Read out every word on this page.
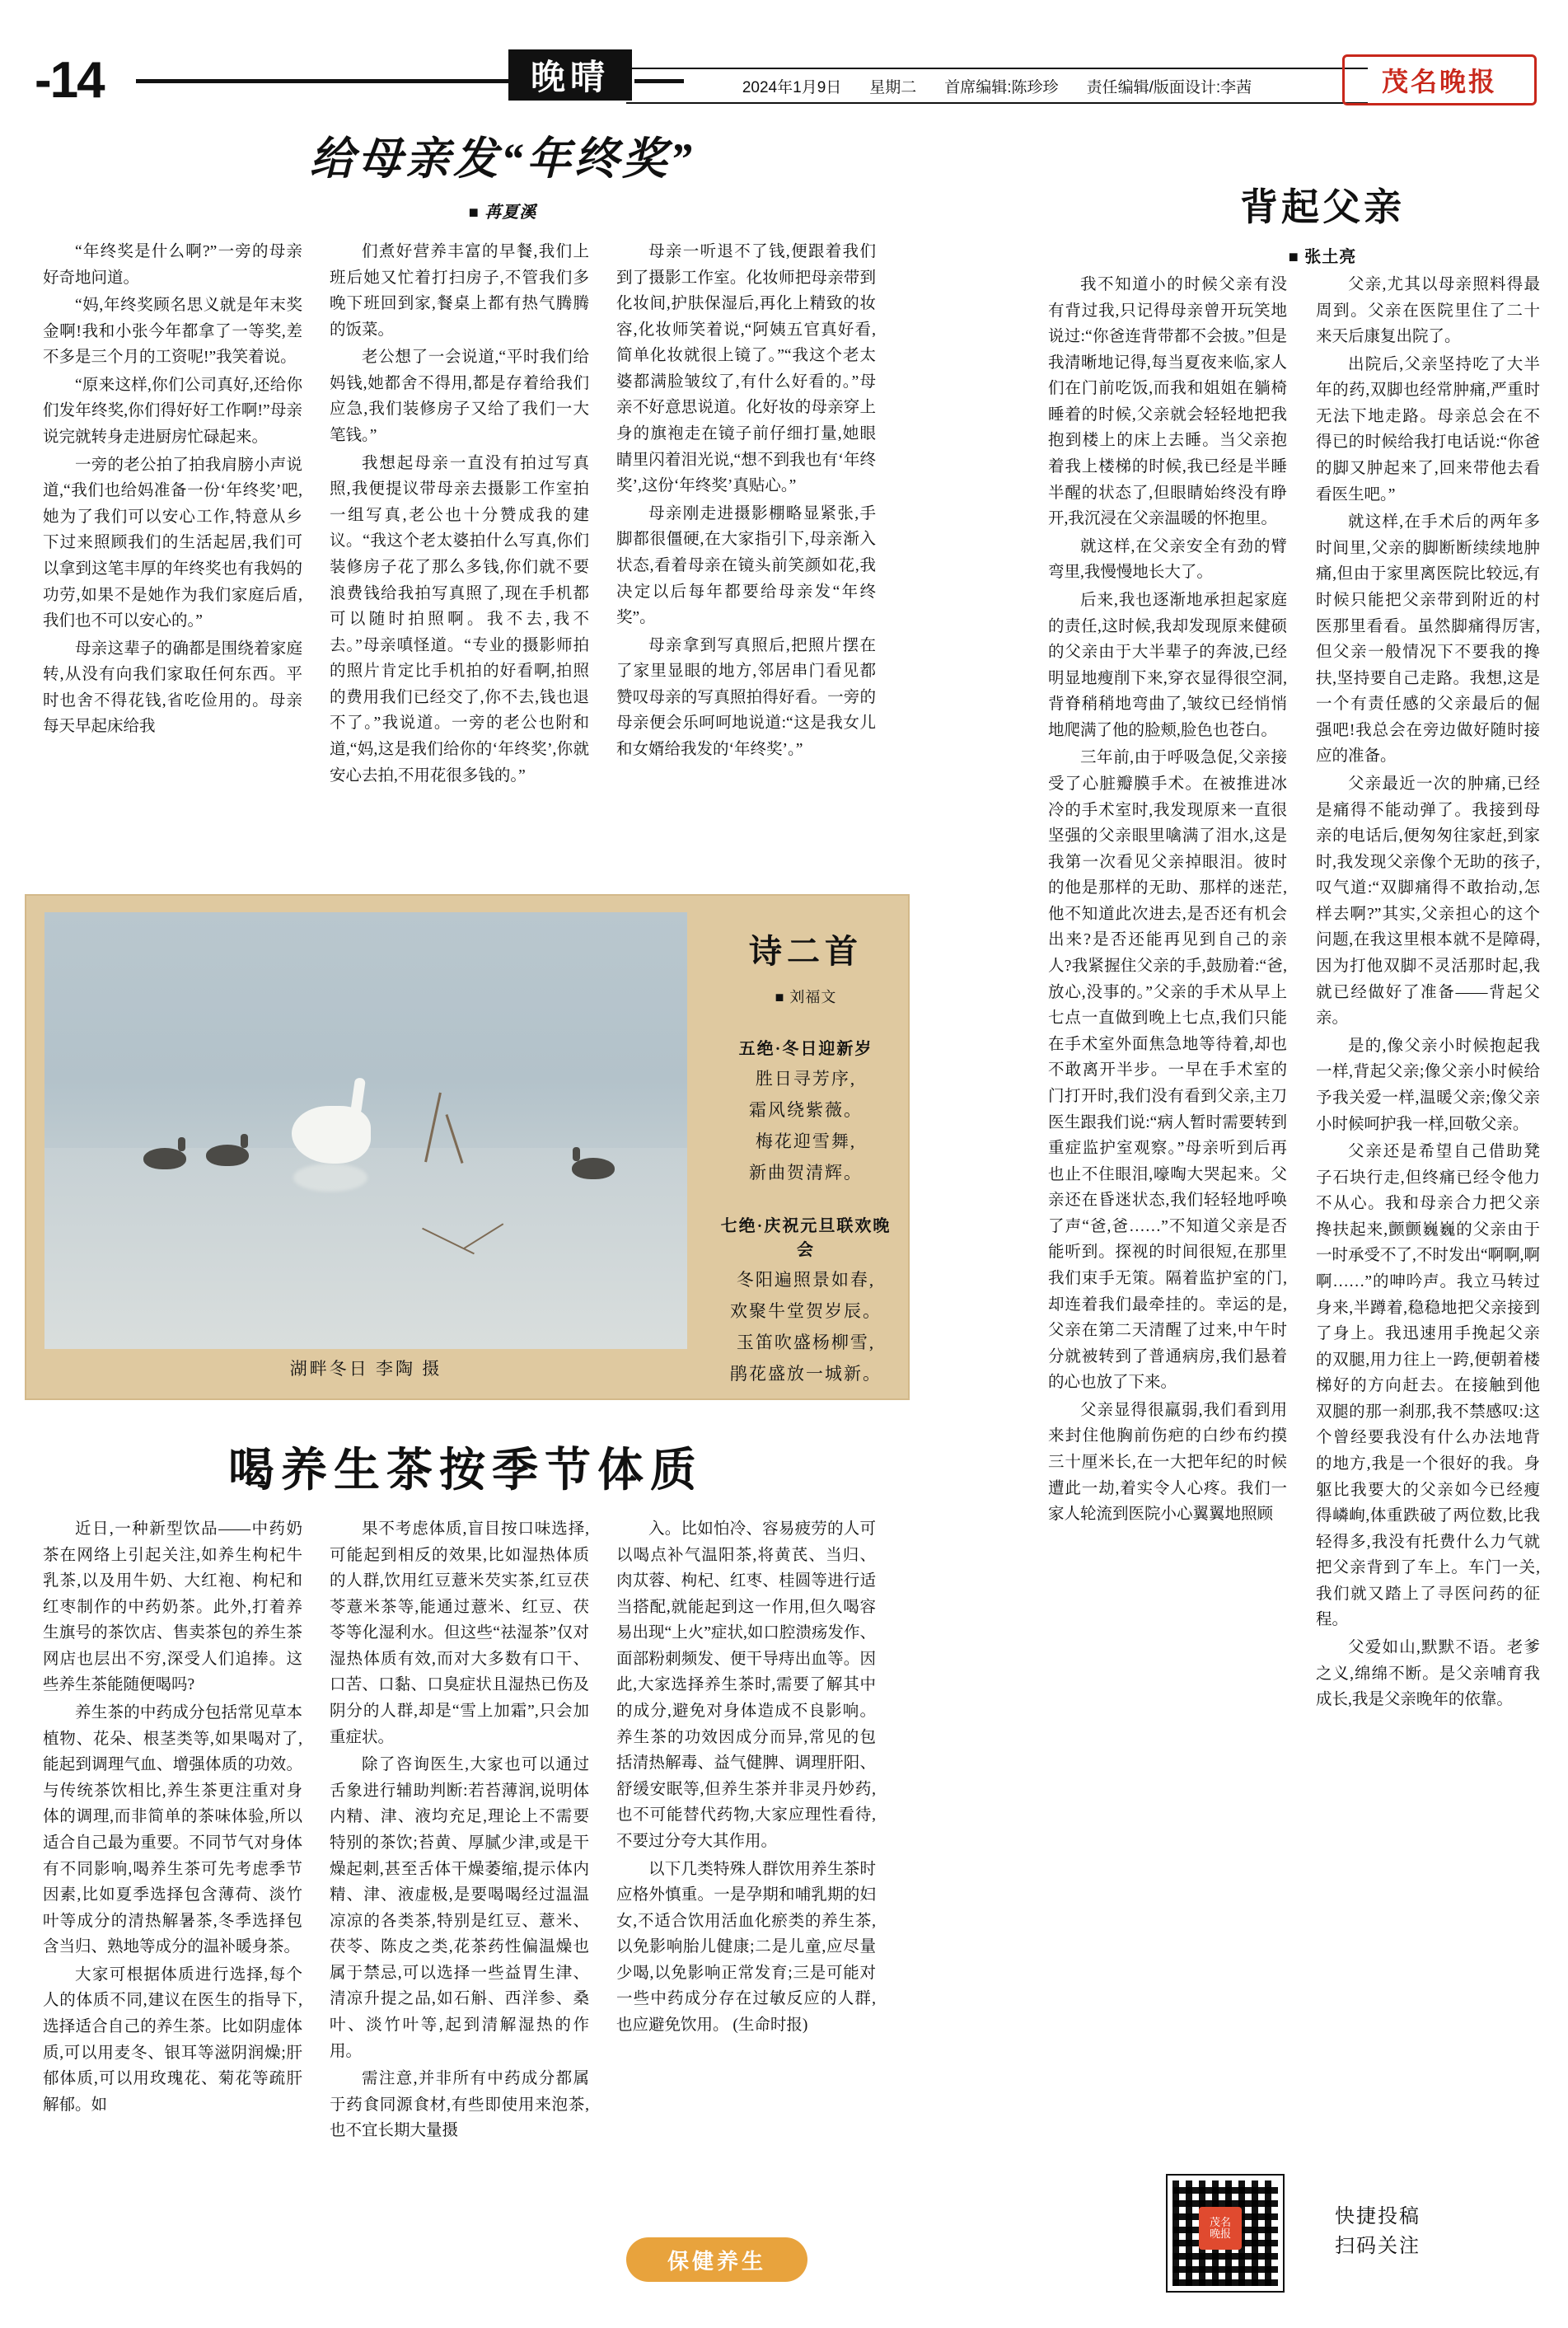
-14	晚晴	2024年1月9日 星期二 首席编辑:陈珍珍 责任编辑/版面设计:李茜	茂名晚报
给母亲发“年终奖”
■ 苒夏溪	背起父亲
■ 张土亮

“年终奖是什么啊?”一旁的母亲好奇地问道。

“妈,年终奖顾名思义就是年末奖金啊!我和小张今年都拿了一等奖,差不多是三个月的工资呢!”我笑着说。

“原来这样,你们公司真好,还给你们发年终奖,你们得好好工作啊!”母亲说完就转身走进厨房忙碌起来。

一旁的老公拍了拍我肩膀小声说道,“我们也给妈准备一份‘年终奖’吧,她为了我们可以安心工作,特意从乡下过来照顾我们的生活起居,我们可以拿到这笔丰厚的年终奖也有我妈的功劳,如果不是她作为我们家庭后盾,我们也不可以安心的。”

母亲这辈子的确都是围绕着家庭转,从没有向我们家取任何东西。平时也舍不得花钱,省吃俭用的。母亲每天早起床给我

们煮好营养丰富的早餐,我们上班后她又忙着打扫房子,不管我们多晚下班回到家,餐桌上都有热气腾腾的饭菜。

老公想了一会说道,“平时我们给妈钱,她都舍不得用,都是存着给我们应急,我们装修房子又给了我们一大笔钱。”

我想起母亲一直没有拍过写真照,我便提议带母亲去摄影工作室拍一组写真,老公也十分赞成我的建议。“我这个老太婆拍什么写真,你们装修房子花了那么多钱,你们就不要浪费钱给我拍写真照了,现在手机都可以随时拍照啊。我不去,我不去。”母亲嗔怪道。“专业的摄影师拍的照片肯定比手机拍的好看啊,拍照的费用我们已经交了,你不去,钱也退不了。”我说道。一旁的老公也附和道,“妈,这是我们给你的‘年终奖’,你就安心去拍,不用花很多钱的。”

母亲一听退不了钱,便跟着我们到了摄影工作室。化妆师把母亲带到化妆间,护肤保湿后,再化上精致的妆容,化妆师笑着说,“阿姨五官真好看,简单化妆就很上镜了。”“我这个老太婆都满脸皱纹了,有什么好看的。”母亲不好意思说道。化好妆的母亲穿上身的旗袍走在镜子前仔细打量,她眼睛里闪着泪光说,“想不到我也有‘年终奖’,这份‘年终奖’真贴心。”

母亲刚走进摄影棚略显紧张,手脚都很僵硬,在大家指引下,母亲渐入状态,看着母亲在镜头前笑颜如花,我决定以后每年都要给母亲发“年终奖”。

母亲拿到写真照后,把照片摆在了家里显眼的地方,邻居串门看见都赞叹母亲的写真照拍得好看。一旁的母亲便会乐呵呵地说道:“这是我女儿和女婿给我发的‘年终奖’。”

我不知道小的时候父亲有没有背过我,只记得母亲曾开玩笑地说过:“你爸连背带都不会披。”但是我清晰地记得,每当夏夜来临,家人们在门前吃饭,而我和姐姐在躺椅睡着的时候,父亲就会轻轻地把我抱到楼上的床上去睡。当父亲抱着我上楼梯的时候,我已经是半睡半醒的状态了,但眼睛始终没有睁开,我沉浸在父亲温暖的怀抱里。

就这样,在父亲安全有劲的臂弯里,我慢慢地长大了。

后来,我也逐渐地承担起家庭的责任,这时候,我却发现原来健硕的父亲由于大半辈子的奔波,已经明显地瘦削下来,穿衣显得很空洞,背脊稍稍地弯曲了,皱纹已经悄悄地爬满了他的脸颊,脸色也苍白。

三年前,由于呼吸急促,父亲接受了心脏瓣膜手术。在被推进冰冷的手术室时,我发现原来一直很坚强的父亲眼里噙满了泪水,这是我第一次看见父亲掉眼泪。彼时的他是那样的无助、那样的迷茫,他不知道此次进去,是否还有机会出来?是否还能再见到自己的亲人?我紧握住父亲的手,鼓励着:“爸,放心,没事的。”父亲的手术从早上七点一直做到晚上七点,我们只能在手术室外面焦急地等待着,却也不敢离开半步。一早在手术室的门打开时,我们没有看到父亲,主刀医生跟我们说:“病人暂时需要转到重症监护室观察。”母亲听到后再也止不住眼泪,嚎啕大哭起来。父亲还在昏迷状态,我们轻轻地呼唤了声“爸,爸……”不知道父亲是否能听到。探视的时间很短,在那里我们束手无策。隔着监护室的门,却连着我们最牵挂的。幸运的是,父亲在第二天清醒了过来,中午时分就被转到了普通病房,我们悬着的心也放了下来。

父亲显得很羸弱,我们看到用来封住他胸前伤疤的白纱布约摸三十厘米长,在一大把年纪的时候遭此一劫,着实令人心疼。我们一家人轮流到医院小心翼翼地照顾

父亲,尤其以母亲照料得最周到。父亲在医院里住了二十来天后康复出院了。

出院后,父亲坚持吃了大半年的药,双脚也经常肿痛,严重时无法下地走路。母亲总会在不得已的时候给我打电话说:“你爸的脚又肿起来了,回来带他去看看医生吧。”

就这样,在手术后的两年多时间里,父亲的脚断断续续地肿痛,但由于家里离医院比较远,有时候只能把父亲带到附近的村医那里看看。虽然脚痛得厉害,但父亲一般情况下不要我的搀扶,坚持要自己走路。我想,这是一个有责任感的父亲最后的倔强吧!我总会在旁边做好随时接应的准备。

父亲最近一次的肿痛,已经是痛得不能动弹了。我接到母亲的电话后,便匆匆往家赶,到家时,我发现父亲像个无助的孩子,叹气道:“双脚痛得不敢抬动,怎样去啊?”其实,父亲担心的这个问题,在我这里根本就不是障碍,因为打他双脚不灵活那时起,我就已经做好了准备——背起父亲。

是的,像父亲小时候抱起我一样,背起父亲;像父亲小时候给予我关爱一样,温暖父亲;像父亲小时候呵护我一样,回敬父亲。

父亲还是希望自己借助凳子石块行走,但终痛已经令他力不从心。我和母亲合力把父亲搀扶起来,颤颤巍巍的父亲由于一时承受不了,不时发出“啊啊,啊啊……”的呻吟声。我立马转过身来,半蹲着,稳稳地把父亲接到了身上。我迅速用手挽起父亲的双腿,用力往上一跨,便朝着楼梯好的方向赶去。在接触到他双腿的那一刹那,我不禁感叹:这个曾经要我没有什么办法地背的地方,我是一个很好的我。身躯比我要大的父亲如今已经瘦得嶙峋,体重跌破了两位数,比我轻得多,我没有托费什么力气就把父亲背到了车上。车门一关,我们就又踏上了寻医问药的征程。

父爱如山,默默不语。老爹之义,绵绵不断。是父亲哺育我成长,我是父亲晚年的依靠。

湖畔冬日 李陶 摄
诗二首
■ 刘福文
五绝·冬日迎新岁
胜日寻芳序,
霜风绕紫薇。
梅花迎雪舞,
新曲贺清辉。
七绝·庆祝元旦联欢晚会
冬阳遍照景如春,
欢聚牛堂贺岁辰。
玉笛吹盛杨柳雪,
鹃花盛放一城新。
喝养生茶按季节体质

近日,一种新型饮品——中药奶茶在网络上引起关注,如养生枸杞牛乳茶,以及用牛奶、大红袍、枸杞和红枣制作的中药奶茶。此外,打着养生旗号的茶饮店、售卖茶包的养生茶网店也层出不穷,深受人们追捧。这些养生茶能随便喝吗?

养生茶的中药成分包括常见草本植物、花朵、根茎类等,如果喝对了,能起到调理气血、增强体质的功效。与传统茶饮相比,养生茶更注重对身体的调理,而非简单的茶味体验,所以适合自己最为重要。不同节气对身体有不同影响,喝养生茶可先考虑季节因素,比如夏季选择包含薄荷、淡竹叶等成分的清热解暑茶,冬季选择包含当归、熟地等成分的温补暖身茶。

大家可根据体质进行选择,每个人的体质不同,建议在医生的指导下,选择适合自己的养生茶。比如阴虚体质,可以用麦冬、银耳等滋阴润燥;肝郁体质,可以用玫瑰花、菊花等疏肝解郁。如

果不考虑体质,盲目按口味选择,可能起到相反的效果,比如湿热体质的人群,饮用红豆薏米芡实茶,红豆茯苓薏米茶等,能通过薏米、红豆、茯苓等化湿利水。但这些“祛湿茶”仅对湿热体质有效,而对大多数有口干、口苦、口黏、口臭症状且湿热已伤及阴分的人群,却是“雪上加霜”,只会加重症状。

除了咨询医生,大家也可以通过舌象进行辅助判断:若苔薄润,说明体内精、津、液均充足,理论上不需要特别的茶饮;苔黄、厚腻少津,或是干燥起刺,甚至舌体干燥萎缩,提示体内精、津、液虚极,是要喝喝经过温温凉凉的各类茶,特别是红豆、薏米、茯苓、陈皮之类,花茶药性偏温燥也属于禁忌,可以选择一些益胃生津、清凉升提之品,如石斛、西洋参、桑叶、淡竹叶等,起到清解湿热的作用。

需注意,并非所有中药成分都属于药食同源食材,有些即使用来泡茶,也不宜长期大量摄

入。比如怕冷、容易疲劳的人可以喝点补气温阳茶,将黄芪、当归、肉苁蓉、枸杞、红枣、桂圆等进行适当搭配,就能起到这一作用,但久喝容易出现“上火”症状,如口腔溃疡发作、面部粉刺频发、便干导痔出血等。因此,大家选择养生茶时,需要了解其中的成分,避免对身体造成不良影响。养生茶的功效因成分而异,常见的包括清热解毒、益气健脾、调理肝阳、舒缓安眠等,但养生茶并非灵丹妙药,也不可能替代药物,大家应理性看待,不要过分夸大其作用。

以下几类特殊人群饮用养生茶时应格外慎重。一是孕期和哺乳期的妇女,不适合饮用活血化瘀类的养生茶,以免影响胎儿健康;二是儿童,应尽量少喝,以免影响正常发育;三是可能对一些中药成分存在过敏反应的人群,也应避免饮用。 (生命时报)

保健养生
茂名
晚报
快捷投稿
扫码关注
